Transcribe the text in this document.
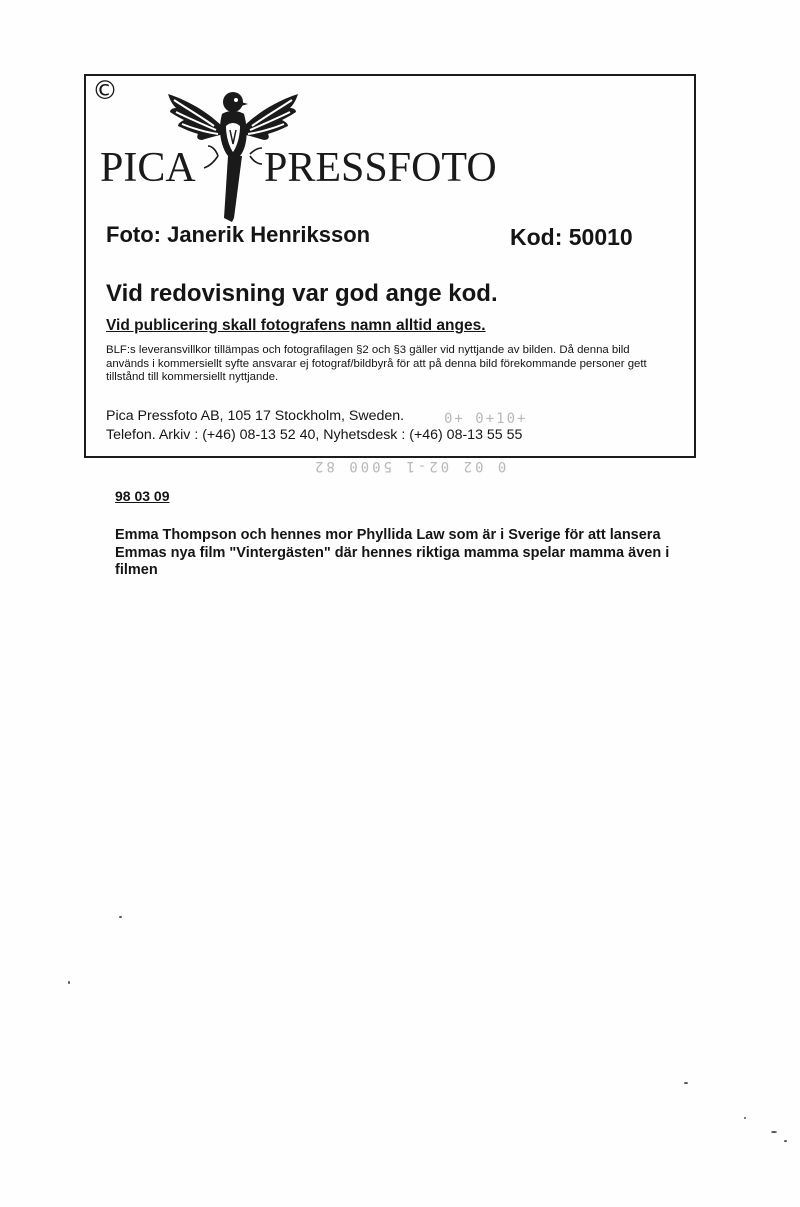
©
PICA PRESSFOTO
Foto: Janerik Henriksson	Kod: 50010
Vid redovisning var god ange kod.
Vid publicering skall fotografens namn alltid anges.
BLF:s leveransvillkor tillämpas och fotografilagen §2 och §3 gäller vid nyttjande av bilden. Då denna bild används i kommersiellt syfte ansvarar ej fotograf/bildbyrå för att på denna bild förekommande personer gett tillstånd till kommersiellt nyttjande.
Pica Pressfoto AB, 105 17 Stockholm, Sweden.
Telefon. Arkiv : (+46) 08-13 52 40, Nyhetsdesk : (+46) 08-13 55 55
0+ 0+10+
0 02 02-1 5000 82
98 03 09
Emma Thompson och hennes mor Phyllida Law som är i Sverige för att lansera Emmas nya film "Vintergästen" där hennes riktiga mamma spelar mamma även i filmen
